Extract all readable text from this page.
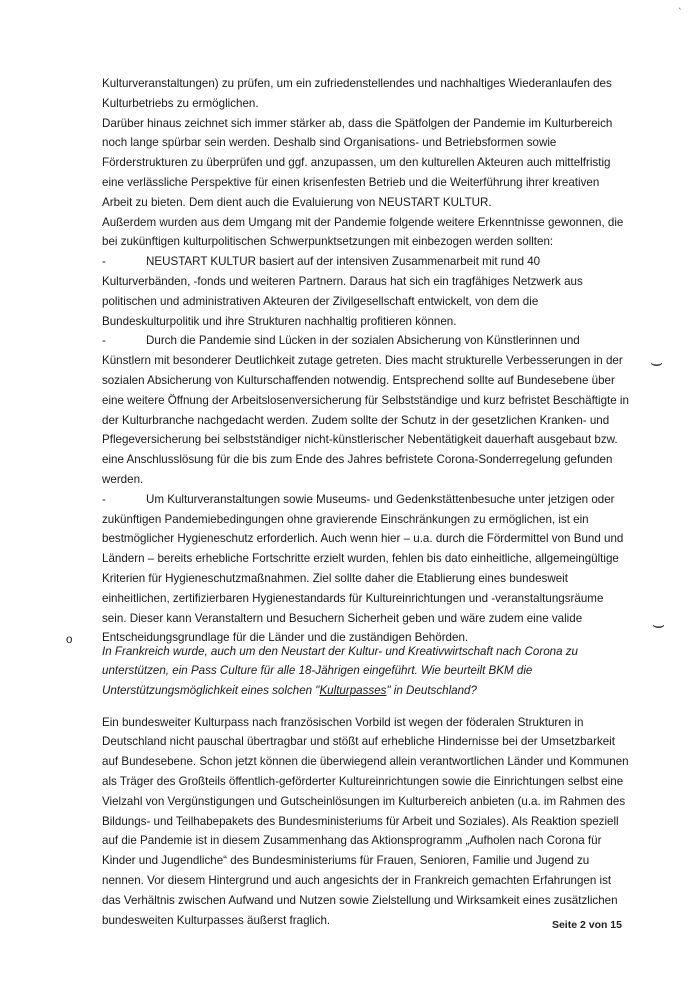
`

Kulturveranstaltungen) zu prüfen, um ein zufriedenstellendes und nachhaltiges Wiederanlaufen des Kulturbetriebs zu ermöglichen.

Darüber hinaus zeichnet sich immer stärker ab, dass die Spätfolgen der Pandemie im Kulturbereich noch lange spürbar sein werden. Deshalb sind Organisations- und Betriebsformen sowie Förderstrukturen zu überprüfen und ggf. anzupassen, um den kulturellen Akteuren auch mittelfristig eine verlässliche Perspektive für einen krisenfesten Betrieb und die Weiterführung ihrer kreativen Arbeit zu bieten. Dem dient auch die Evaluierung von NEUSTART KULTUR.

Außerdem wurden aus dem Umgang mit der Pandemie folgende weitere Erkenntnisse gewonnen, die bei zukünftigen kulturpolitischen Schwerpunktsetzungen mit einbezogen werden sollten:

-	NEUSTART KULTUR basiert auf der intensiven Zusammenarbeit mit rund 40 Kulturverbänden, -fonds und weiteren Partnern. Daraus hat sich ein tragfähiges Netzwerk aus politischen und administrativen Akteuren der Zivilgesellschaft entwickelt, von dem die Bundeskulturpolitik und ihre Strukturen nachhaltig profitieren können.

-	Durch die Pandemie sind Lücken in der sozialen Absicherung von Künstlerinnen und Künstlern mit besonderer Deutlichkeit zutage getreten. Dies macht strukturelle Verbesserungen in der sozialen Absicherung von Kulturschaffenden notwendig. Entsprechend sollte auf Bundesebene über eine weitere Öffnung der Arbeitslosenversicherung für Selbstständige und kurz befristet Beschäftigte in der Kulturbranche nachgedacht werden. Zudem sollte der Schutz in der gesetzlichen Kranken- und Pflegeversicherung bei selbstständiger nicht-künstlerischer Nebentätigkeit dauerhaft ausgebaut bzw. eine Anschlusslösung für die bis zum Ende des Jahres befristete Corona-Sonderregelung gefunden werden.

-	Um Kulturveranstaltungen sowie Museums- und Gedenkstättenbesuche unter jetzigen oder zukünftigen Pandemiebedingungen ohne gravierende Einschränkungen zu ermöglichen, ist ein bestmöglicher Hygieneschutz erforderlich. Auch wenn hier – u.a. durch die Fördermittel von Bund und Ländern – bereits erhebliche Fortschritte erzielt wurden, fehlen bis dato einheitliche, allgemeingültige Kriterien für Hygieneschutzmaßnahmen. Ziel sollte daher die Etablierung eines bundesweit einheitlichen, zertifizierbaren Hygienestandards für Kultureinrichtungen und -veranstaltungsräume sein. Dieser kann Veranstaltern und Besuchern Sicherheit geben und wäre zudem eine valide Entscheidungsgrundlage für die Länder und die zuständigen Behörden.

⌣
⌣
o

In Frankreich wurde, auch um den Neustart der Kultur- und Kreativwirtschaft nach Corona zu unterstützen, ein Pass Culture für alle 18-Jährigen eingeführt. Wie beurteilt BKM die Unterstützungsmöglichkeit eines solchen "Kulturpasses" in Deutschland?

Ein bundesweiter Kulturpass nach französischen Vorbild ist wegen der föderalen Strukturen in Deutschland nicht pauschal übertragbar und stößt auf erhebliche Hindernisse bei der Umsetzbarkeit auf Bundesebene. Schon jetzt können die überwiegend allein verantwortlichen Länder und Kommunen als Träger des Großteils öffentlich-geförderter Kultureinrichtungen sowie die Einrichtungen selbst eine Vielzahl von Vergünstigungen und Gutscheinlösungen im Kulturbereich anbieten (u.a. im Rahmen des Bildungs- und Teilhabepakets des Bundesministeriums für Arbeit und Soziales). Als Reaktion speziell auf die Pandemie ist in diesem Zusammenhang das Aktionsprogramm „Aufholen nach Corona für Kinder und Jugendliche“ des Bundesministeriums für Frauen, Senioren, Familie und Jugend zu nennen. Vor diesem Hintergrund und auch angesichts der in Frankreich gemachten Erfahrungen ist das Verhältnis zwischen Aufwand und Nutzen sowie Zielstellung und Wirksamkeit eines zusätzlichen bundesweiten Kulturpasses äußerst fraglich.	Seite 2 von 15
